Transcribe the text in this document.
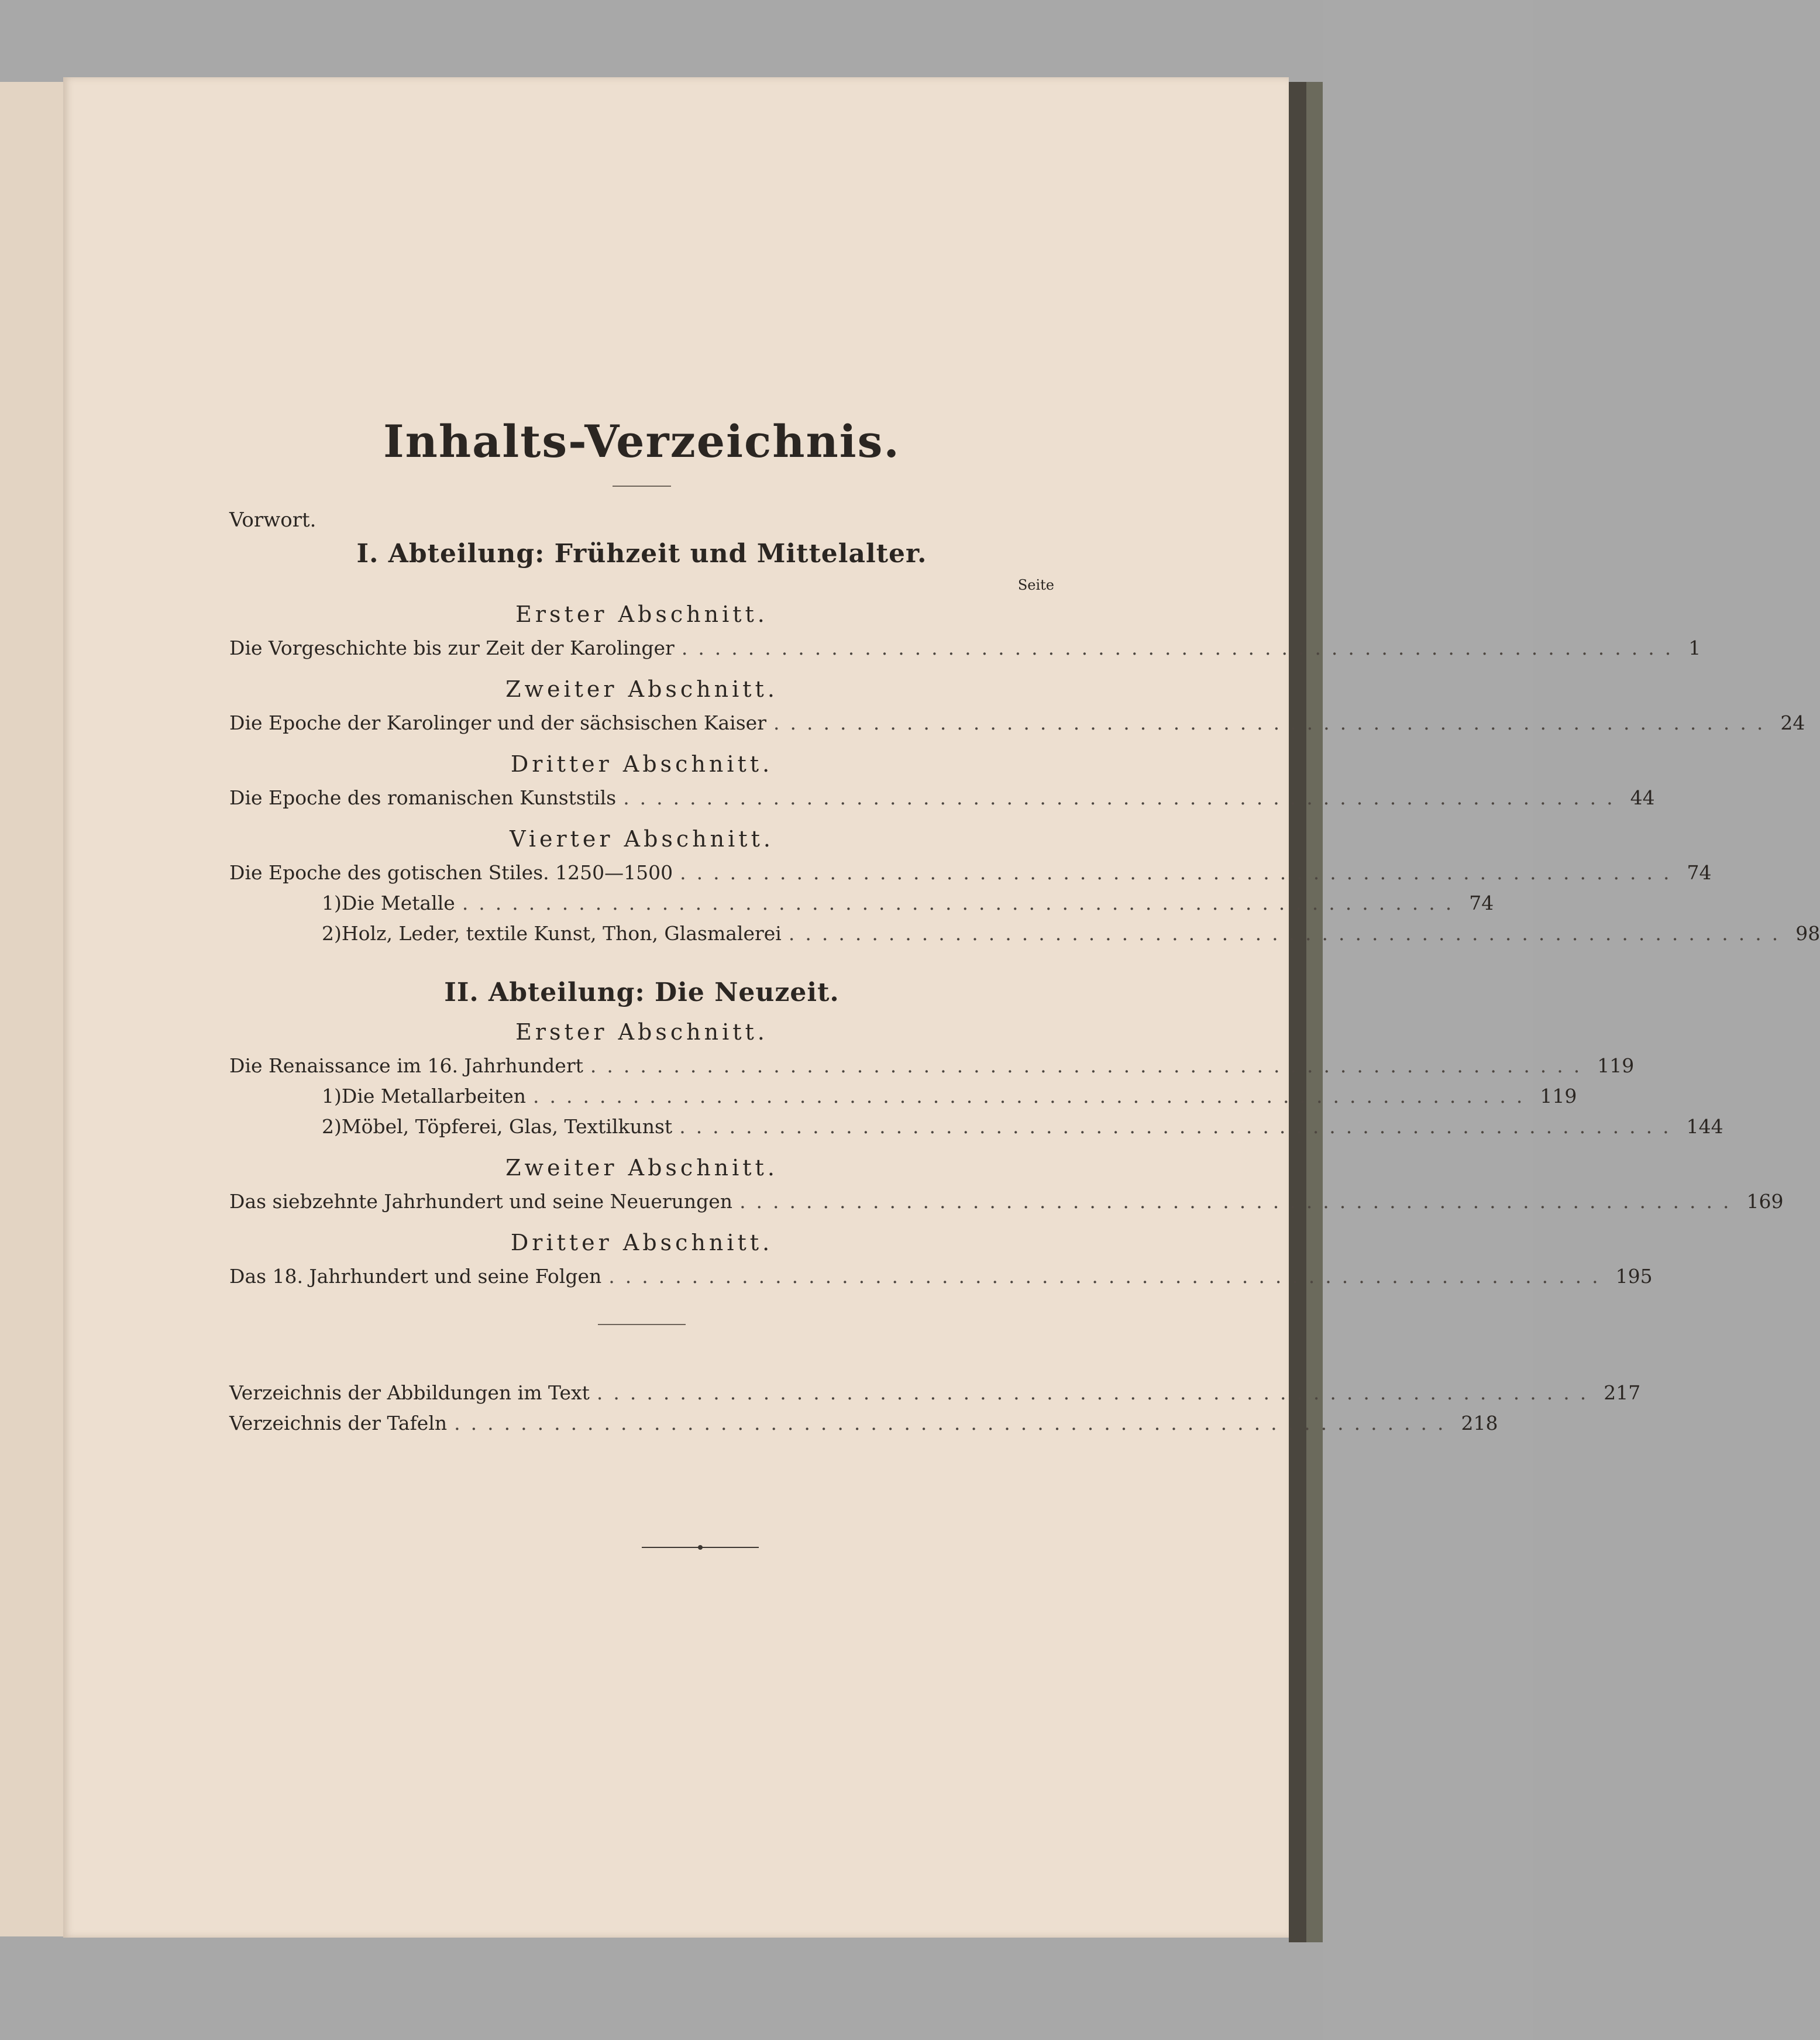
Inhalts-Verzeichnis.
Vorwort.
I. Abteilung: Frühzeit und Mittelalter.
Seite
Erster Abschnitt.
Die Vorgeschichte bis zur Zeit der Karolinger ............................................................ 1
Zweiter Abschnitt.
Die Epoche der Karolinger und der sächsischen Kaiser ............................................................ 24
Dritter Abschnitt.
Die Epoche des romanischen Kunststils ............................................................ 44
Vierter Abschnitt.
Die Epoche des gotischen Stiles. 1250—1500 ............................................................ 74
1) Die Metalle ............................................................ 74
2) Holz, Leder, textile Kunst, Thon, Glasmalerei ............................................................ 98
II. Abteilung: Die Neuzeit.
Erster Abschnitt.
Die Renaissance im 16. Jahrhundert ............................................................ 119
1) Die Metallarbeiten ............................................................ 119
2) Möbel, Töpferei, Glas, Textilkunst ............................................................ 144
Zweiter Abschnitt.
Das siebzehnte Jahrhundert und seine Neuerungen ............................................................ 169
Dritter Abschnitt.
Das 18. Jahrhundert und seine Folgen ............................................................ 195
Verzeichnis der Abbildungen im Text ............................................................ 217
Verzeichnis der Tafeln ............................................................ 218
